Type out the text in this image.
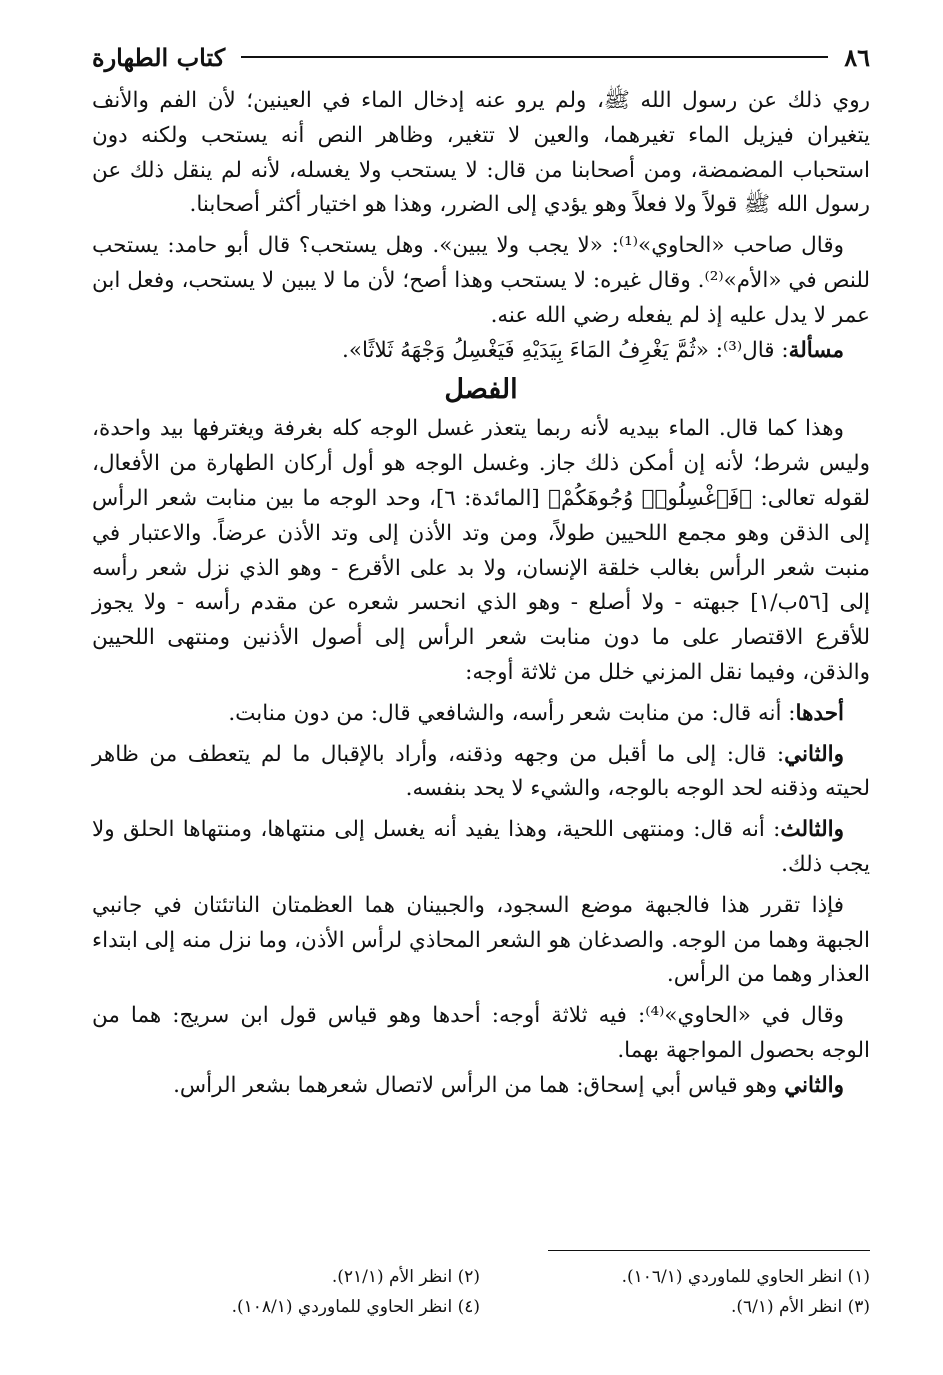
٨٦
كتاب الطهارة

روي ذلك عن رسول الله ﷺ، ولم يرو عنه إدخال الماء في العينين؛ لأن الفم والأنف يتغيران فيزيل الماء تغيرهما، والعين لا تتغير، وظاهر النص أنه يستحب ولكنه دون استحباب المضمضة، ومن أصحابنا من قال: لا يستحب ولا يغسله، لأنه لم ينقل ذلك عن رسول الله ﷺ قولاً ولا فعلاً وهو يؤدي إلى الضرر، وهذا هو اختيار أكثر أصحابنا.

وقال صاحب «الحاوي»⁽¹⁾: «لا يجب ولا يبين». وهل يستحب؟ قال أبو حامد: يستحب للنص في «الأم»⁽²⁾. وقال غيره: لا يستحب وهذا أصح؛ لأن ما لا يبين لا يستحب، وفعل ابن عمر لا يدل عليه إذ لم يفعله رضي الله عنه.

مسألة: قال⁽³⁾: «ثُمَّ يَغْرِفُ المَاءَ بِيَدَيْهِ فَيَغْسِلُ وَجْهَهُ ثَلاثًا».

الفصل

وهذا كما قال. الماء بيديه لأنه ربما يتعذر غسل الوجه كله بغرفة ويغترفها بيد واحدة، وليس شرط؛ لأنه إن أمكن ذلك جاز. وغسل الوجه هو أول أركان الطهارة من الأفعال، لقوله تعالى: ﴿فَٱغْسِلُوا۟ وُجُوهَكُمْ﴾ [المائدة: ٦]، وحد الوجه ما بين منابت شعر الرأس إلى الذقن وهو مجمع اللحيين طولاً، ومن وتد الأذن إلى وتد الأذن عرضاً. والاعتبار في منبت شعر الرأس بغالب خلقة الإنسان، ولا بد على الأقرع - وهو الذي نزل شعر رأسه إلى [٥٦ب/١] جبهته - ولا أصلع - وهو الذي انحسر شعره عن مقدم رأسه - ولا يجوز للأقرع الاقتصار على ما دون منابت شعر الرأس إلى أصول الأذنين ومنتهى اللحيين والذقن، وفيما نقل المزني خلل من ثلاثة أوجه:

أحدها: أنه قال: من منابت شعر رأسه، والشافعي قال: من دون منابت.

والثاني: قال: إلى ما أقبل من وجهه وذقنه، وأراد بالإقبال ما لم يتعطف من ظاهر لحيته وذقنه لحد الوجه بالوجه، والشيء لا يحد بنفسه.

والثالث: أنه قال: ومنتهى اللحية، وهذا يفيد أنه يغسل إلى منتهاها، ومنتهاها الحلق ولا يجب ذلك.

فإذا تقرر هذا فالجبهة موضع السجود، والجبينان هما العظمتان الناتئتان في جانبي الجبهة وهما من الوجه. والصدغان هو الشعر المحاذي لرأس الأذن، وما نزل منه إلى ابتداء العذار وهما من الرأس.

وقال في «الحاوي»⁽⁴⁾: فيه ثلاثة أوجه: أحدها وهو قياس قول ابن سريج: هما من الوجه بحصول المواجهة بهما.

والثاني وهو قياس أبي إسحاق: هما من الرأس لاتصال شعرهما بشعر الرأس.

(١) انظر الحاوي للماوردي (١٠٦/١).
(٢) انظر الأم (٢١/١).
(٣) انظر الأم (٦/١).
(٤) انظر الحاوي للماوردي (١٠٨/١).
